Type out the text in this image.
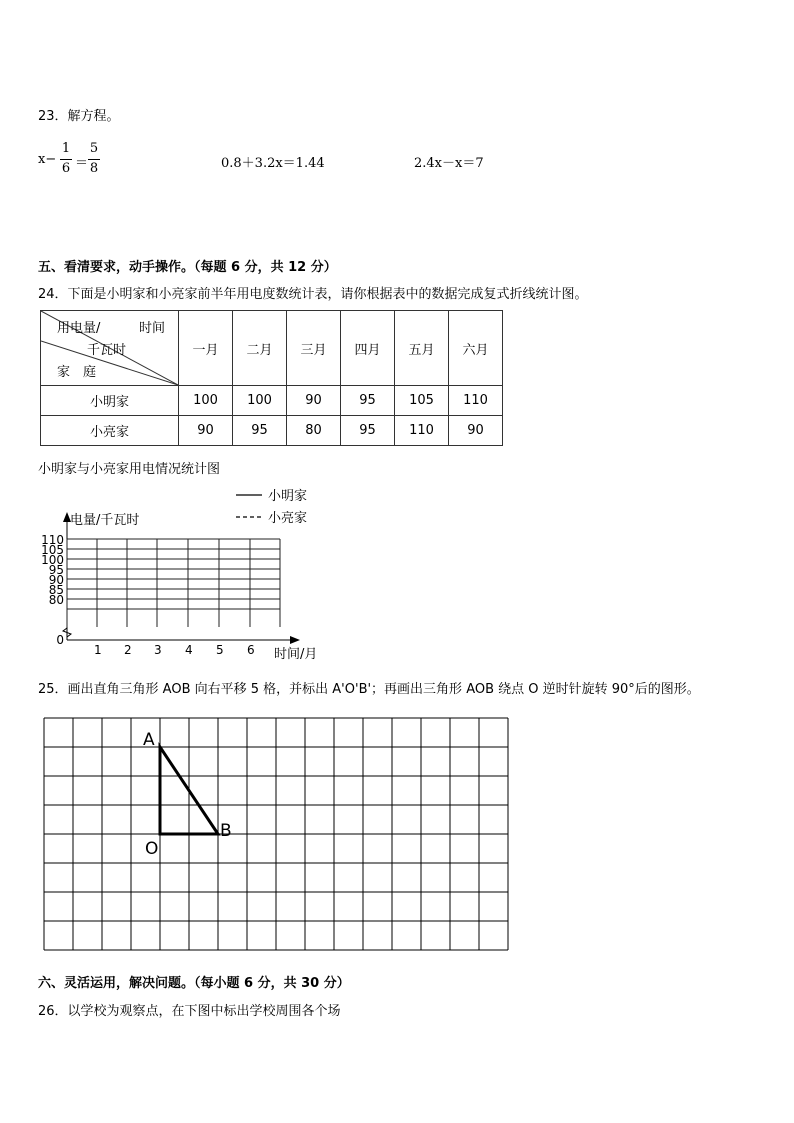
23．解方程。
x−
1
6 ＝
5
8	0.8＋3.2x＝1.44	2.4x－x＝7
五、看清要求，动手操作。（每题 6 分，共 12 分）
24．下面是小明家和小亮家前半年用电度数统计表，请你根据表中的数据完成复式折线统计图。
用电量/ 时间
千瓦时
家　庭	一月	二月	三月	四月	五月	六月
小明家	100	100	90	95	105	110
小亮家	90	95	80	95	110	90
小明家与小亮家用电情况统计图
小明家
小亮家
电量/千瓦时
110
105
100
95
90
85
80
0
1 2 3 4 5 6 时间/月
25．画出直角三角形 AOB 向右平移 5 格，并标出 A'O'B'；再画出三角形 AOB 绕点 O 逆时针旋转 90°后的图形。
A
B
O
六、灵活运用，解决问题。（每小题 6 分，共 30 分）
26．以学校为观察点，在下图中标出学校周围各个场
